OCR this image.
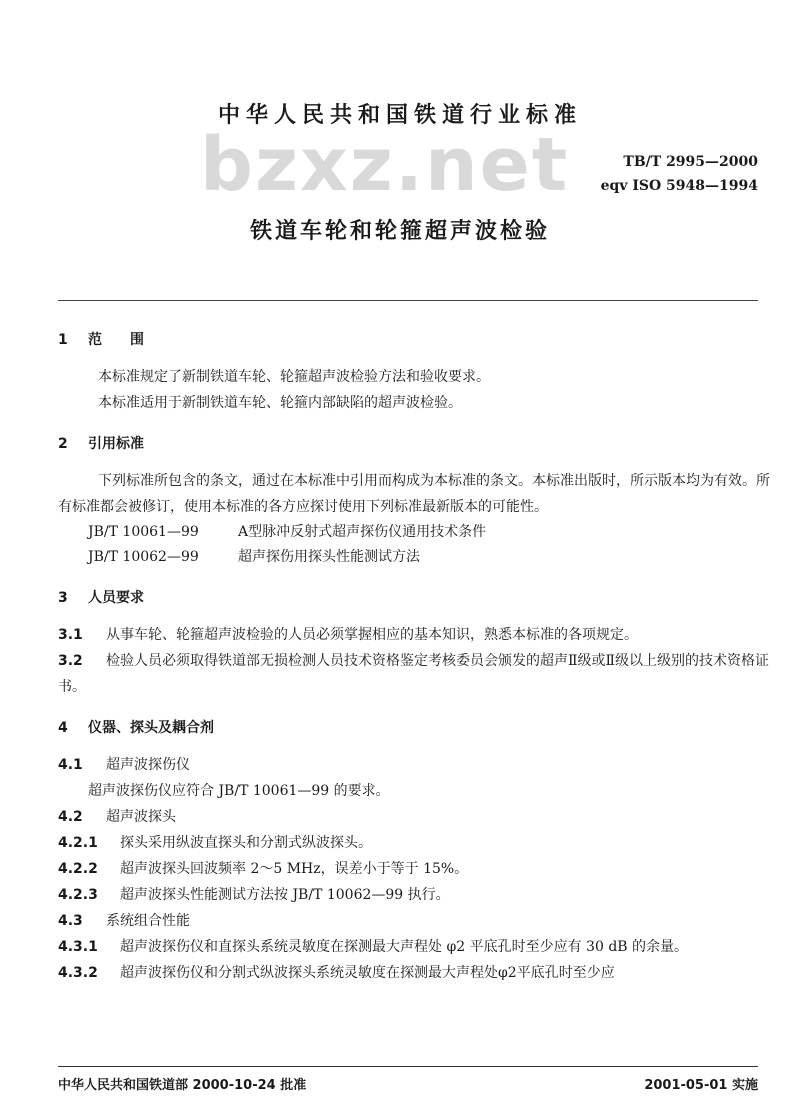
中华人民共和国铁道行业标准
bzxz.net	TB/T 2995—2000
eqv ISO 5948—1994
铁道车轮和轮箍超声波检验
1 范　　围

本标准规定了新制铁道车轮、轮箍超声波检验方法和验收要求。

本标准适用于新制铁道车轮、轮箍内部缺陷的超声波检验。

2 引用标准

下列标准所包含的条文，通过在本标准中引用而构成为本标准的条文。本标准出版时，所示版本均为有效。所有标准都会被修订，使用本标准的各方应探讨使用下列标准最新版本的可能性。

JB/T 10061—99	A型脉冲反射式超声探伤仪通用技术条件
JB/T 10062—99	超声探伤用探头性能测试方法
3 人员要求

3.1 从事车轮、轮箍超声波检验的人员必须掌握相应的基本知识，熟悉本标准的各项规定。

3.2 检验人员必须取得铁道部无损检测人员技术资格鉴定考核委员会颁发的超声Ⅱ级或Ⅱ级以上级别的技术资格证书。

4 仪器、探头及耦合剂

4.1 超声波探伤仪

超声波探伤仪应符合 JB/T 10061—99 的要求。

4.2 超声波探头

4.2.1 探头采用纵波直探头和分割式纵波探头。

4.2.2 超声波探头回波频率 2～5 MHz，误差小于等于 15%。

4.2.3 超声波探头性能测试方法按 JB/T 10062—99 执行。

4.3 系统组合性能

4.3.1 超声波探伤仪和直探头系统灵敏度在探测最大声程处 φ2 平底孔时至少应有 30 dB 的余量。

4.3.2 超声波探伤仪和分割式纵波探头系统灵敏度在探测最大声程处φ2平底孔时至少应

中华人民共和国铁道部 2000-10-24 批准	2001-05-01 实施
